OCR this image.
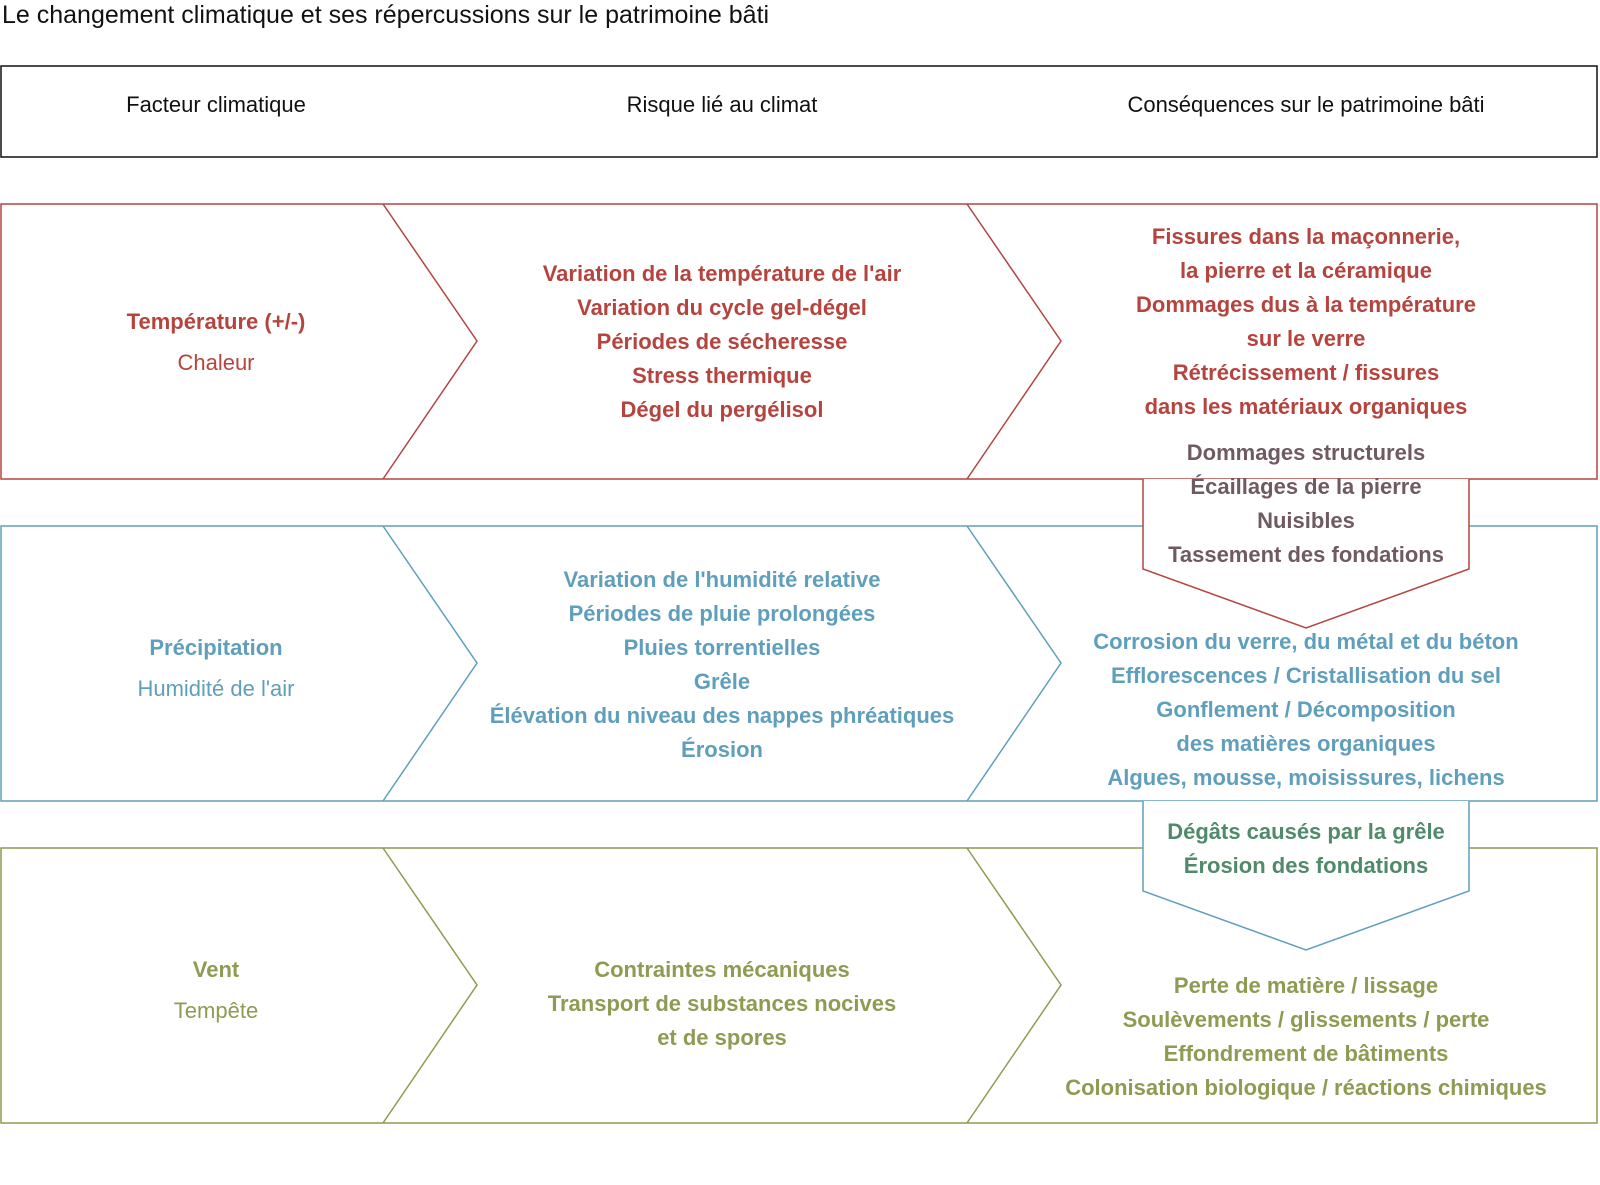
Le changement climatique et ses répercussions sur le patrimoine bâti
Facteur climatique	Risque lié au climat	Conséquences sur le patrimoine bâti
Température (+/-)
Chaleur
Variation de la température de l'air
Variation du cycle gel-dégel
Périodes de sécheresse
Stress thermique
Dégel du pergélisol
Fissures dans la maçonnerie,
la pierre et la céramique
Dommages dus à la température
sur le verre
Rétrécissement / fissures
dans les matériaux organiques
Dommages structurels
Écaillages de la pierre
Nuisibles
Tassement des fondations
Précipitation
Humidité de l'air
Variation de l'humidité relative
Périodes de pluie prolongées
Pluies torrentielles
Grêle
Élévation du niveau des nappes phréatiques
Érosion
Corrosion du verre, du métal et du béton
Efflorescences / Cristallisation du sel
Gonflement / Décomposition
des matières organiques
Algues, mousse, moisissures, lichens
Dégâts causés par la grêle
Érosion des fondations
Vent
Tempête
Contraintes mécaniques
Transport de substances nocives
et de spores
Perte de matière / lissage
Soulèvements / glissements / perte
Effondrement de bâtiments
Colonisation biologique / réactions chimiques
